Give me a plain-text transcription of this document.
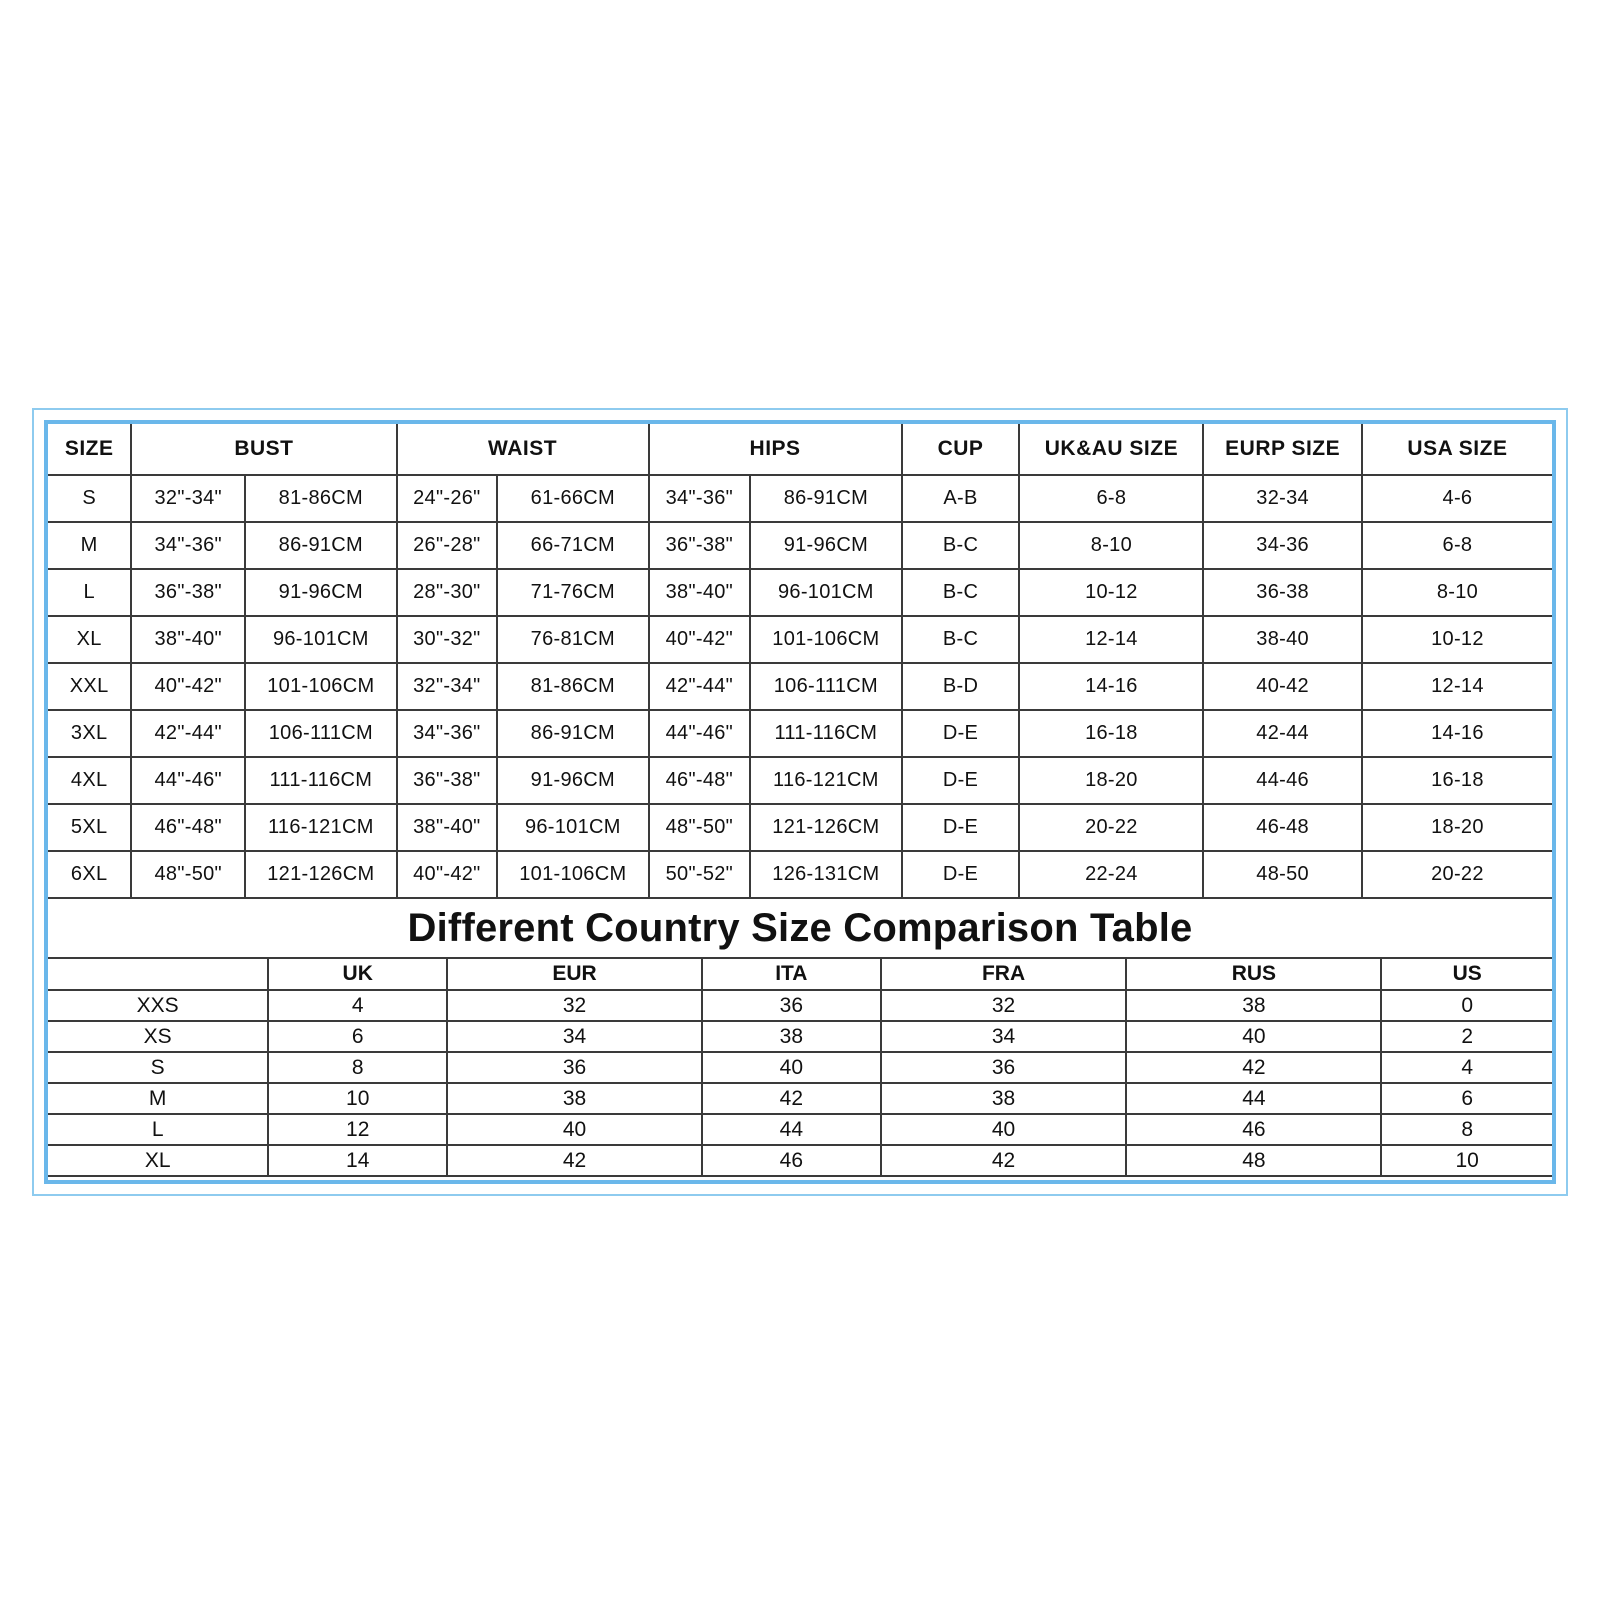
SIZE	BUST		WAIST		HIPS		CUP	UK&AU SIZE	EURP SIZE	USA SIZE
S	32"-34"	81-86CM	24"-26"	61-66CM	34"-36"	86-91CM	A-B	6-8	32-34	4-6
M	34"-36"	86-91CM	26"-28"	66-71CM	36"-38"	91-96CM	B-C	8-10	34-36	6-8
L	36"-38"	91-96CM	28"-30"	71-76CM	38"-40"	96-101CM	B-C	10-12	36-38	8-10
XL	38"-40"	96-101CM	30"-32"	76-81CM	40"-42"	101-106CM	B-C	12-14	38-40	10-12
XXL	40"-42"	101-106CM	32"-34"	81-86CM	42"-44"	106-111CM	B-D	14-16	40-42	12-14
3XL	42"-44"	106-111CM	34"-36"	86-91CM	44"-46"	111-116CM	D-E	16-18	42-44	14-16
4XL	44"-46"	111-116CM	36"-38"	91-96CM	46"-48"	116-121CM	D-E	18-20	44-46	16-18
5XL	46"-48"	116-121CM	38"-40"	96-101CM	48"-50"	121-126CM	D-E	20-22	46-48	18-20
6XL	48"-50"	121-126CM	40"-42"	101-106CM	50"-52"	126-131CM	D-E	22-24	48-50	20-22
Different Country Size Comparison Table
	UK	EUR	ITA	FRA	RUS	US
XXS	4	32	36	32	38	0
XS	6	34	38	34	40	2
S	8	36	40	36	42	4
M	10	38	42	38	44	6
L	12	40	44	40	46	8
XL	14	42	46	42	48	10
